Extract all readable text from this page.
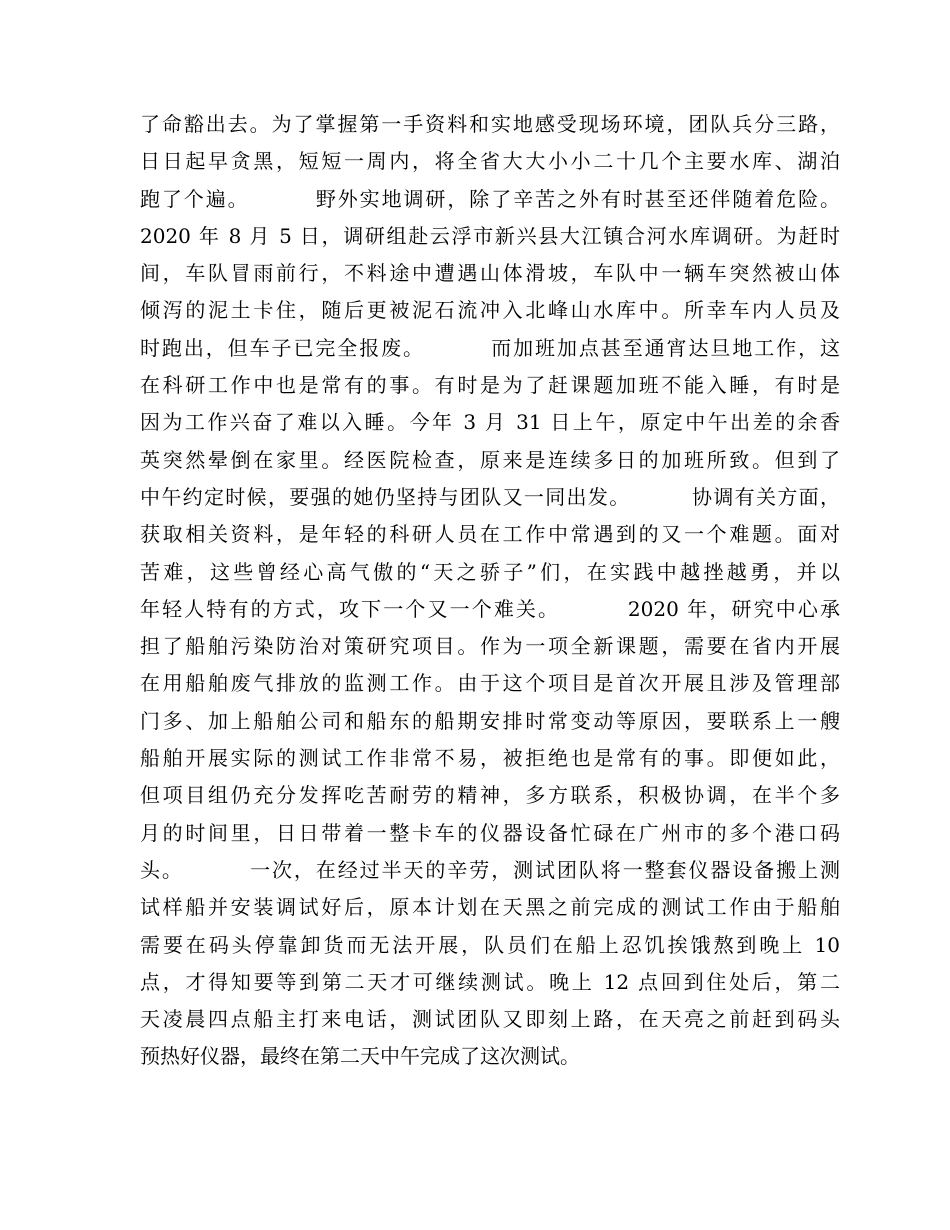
了命豁出去。为了掌握第一手资料和实地感受现场环境，团队兵分三路，
日日起早贪黑，短短一周内，将全省大大小小二十几个主要水库、湖泊
跑了个遍。        野外实地调研，除了辛苦之外有时甚至还伴随着危险。
2020 年 8 月 5 日，调研组赴云浮市新兴县大江镇合河水库调研。为赶时
间，车队冒雨前行，不料途中遭遇山体滑坡，车队中一辆车突然被山体
倾泻的泥土卡住，随后更被泥石流冲入北峰山水库中。所幸车内人员及
时跑出，但车子已完全报废。        而加班加点甚至通宵达旦地工作，这
在科研工作中也是常有的事。有时是为了赶课题加班不能入睡，有时是
因为工作兴奋了难以入睡。今年 3 月 31 日上午，原定中午出差的余香
英突然晕倒在家里。经医院检查，原来是连续多日的加班所致。但到了
中午约定时候，要强的她仍坚持与团队又一同出发。        协调有关方面，
获取相关资料，是年轻的科研人员在工作中常遇到的又一个难题。面对
苦难，这些曾经心高气傲的“天之骄子”们，在实践中越挫越勇，并以
年轻人特有的方式，攻下一个又一个难关。        2020 年，研究中心承
担了船舶污染防治对策研究项目。作为一项全新课题，需要在省内开展
在用船舶废气排放的监测工作。由于这个项目是首次开展且涉及管理部
门多、加上船舶公司和船东的船期安排时常变动等原因，要联系上一艘
船舶开展实际的测试工作非常不易，被拒绝也是常有的事。即便如此，
但项目组仍充分发挥吃苦耐劳的精神，多方联系，积极协调，在半个多
月的时间里，日日带着一整卡车的仪器设备忙碌在广州市的多个港口码
头。        一次，在经过半天的辛劳，测试团队将一整套仪器设备搬上测
试样船并安装调试好后，原本计划在天黑之前完成的测试工作由于船舶
需要在码头停靠卸货而无法开展，队员们在船上忍饥挨饿熬到晚上 10
点，才得知要等到第二天才可继续测试。晚上 12 点回到住处后，第二
天凌晨四点船主打来电话，测试团队又即刻上路，在天亮之前赶到码头
预热好仪器，最终在第二天中午完成了这次测试。
